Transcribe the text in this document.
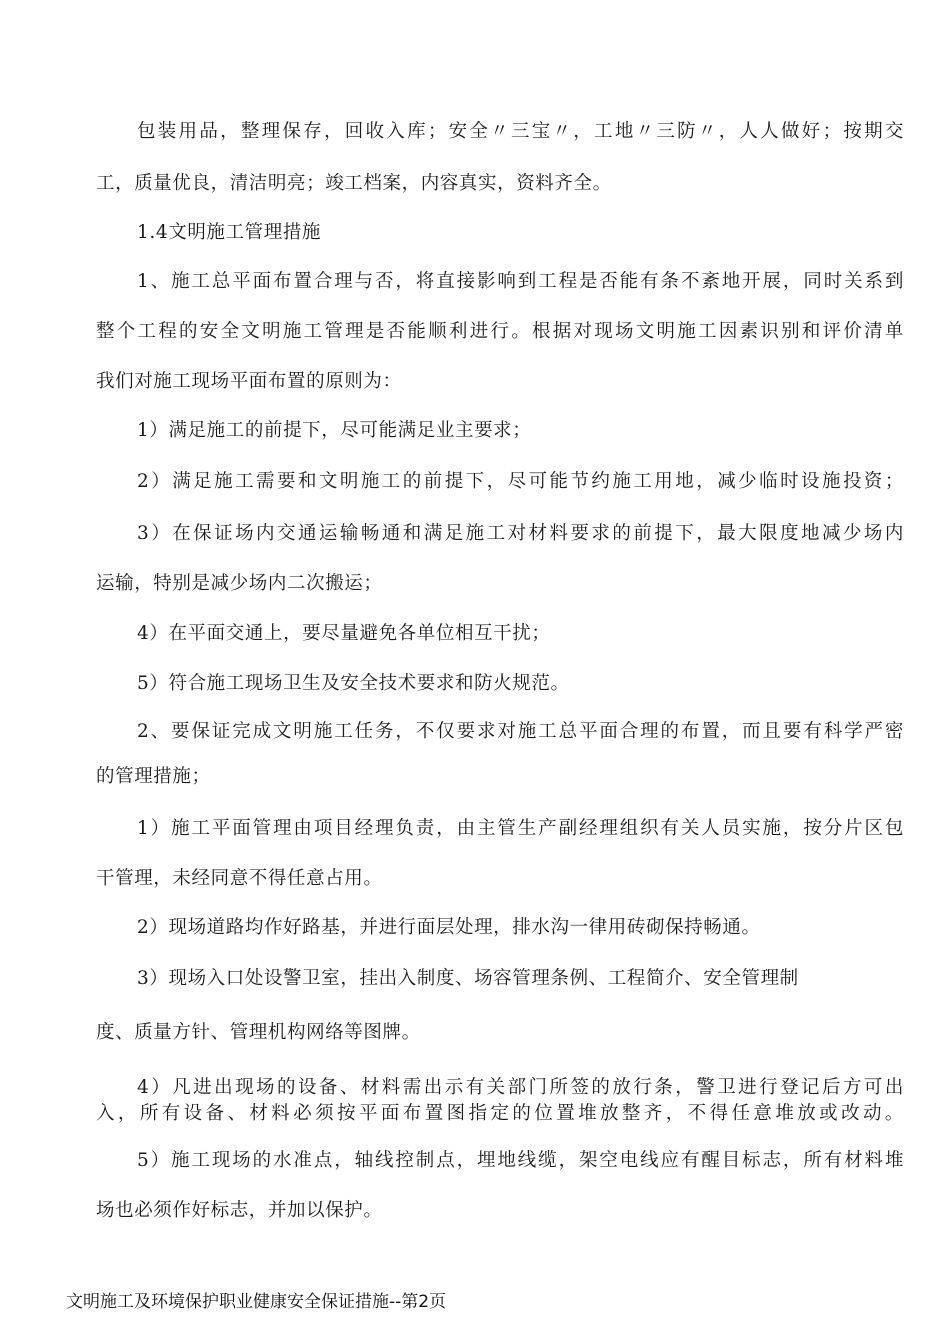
包装用品，整理保存，回收入库；安全〃三宝〃，工地〃三防〃，人人做好；按期交

工，质量优良，清洁明亮；竣工档案，内容真实，资料齐全。

1.4文明施工管理措施

1、施工总平面布置合理与否，将直接影响到工程是否能有条不紊地开展，同时关系到

整个工程的安全文明施工管理是否能顺利进行。根据对现场文明施工因素识别和评价清单

我们对施工现场平面布置的原则为：

1）满足施工的前提下，尽可能满足业主要求；

2）满足施工需要和文明施工的前提下，尽可能节约施工用地，减少临时设施投资；

3）在保证场内交通运输畅通和满足施工对材料要求的前提下，最大限度地减少场内

运输，特别是减少场内二次搬运；

4）在平面交通上，要尽量避免各单位相互干扰；

5）符合施工现场卫生及安全技术要求和防火规范。

2、要保证完成文明施工任务，不仅要求对施工总平面合理的布置，而且要有科学严密

的管理措施；

1）施工平面管理由项目经理负责，由主管生产副经理组织有关人员实施，按分片区包

干管理，未经同意不得任意占用。

2）现场道路均作好路基，并进行面层处理，排水沟一律用砖砌保持畅通。

3）现场入口处设警卫室，挂出入制度、场容管理条例、工程简介、安全管理制

度、质量方针、管理机构网络等图牌。

4）凡进出现场的设备、材料需出示有关部门所签的放行条，警卫进行登记后方可出

入，所有设备、材料必须按平面布置图指定的位置堆放整齐，不得任意堆放或改动。

5）施工现场的水准点，轴线控制点，埋地线缆，架空电线应有醒目标志，所有材料堆

场也必须作好标志，并加以保护。

文明施工及环境保护职业健康安全保证措施--第2页
